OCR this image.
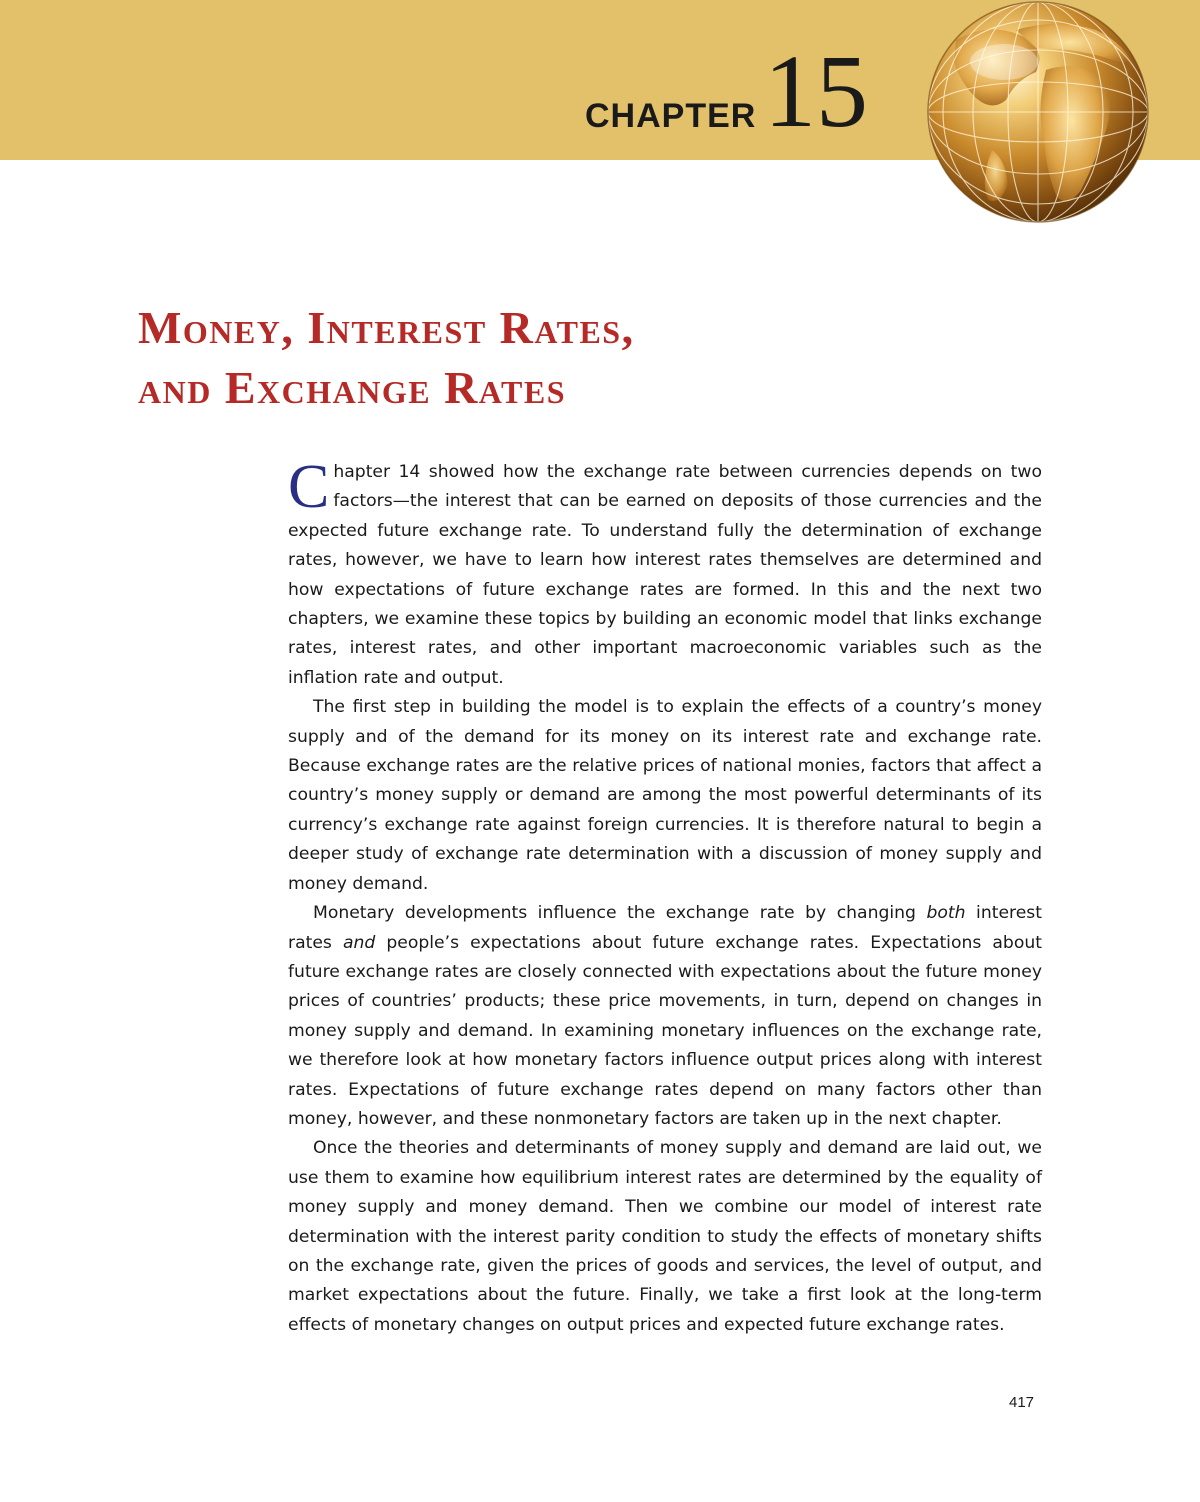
CHAPTER 15
Money, Interest Rates,
and Exchange Rates

Chapter 14 showed how the exchange rate between currencies depends on two factors—the interest that can be earned on deposits of those currencies and the expected future exchange rate. To understand fully the determination of exchange rates, however, we have to learn how interest rates themselves are determined and how expectations of future exchange rates are formed. In this and the next two chapters, we examine these topics by building an economic model that links exchange rates, interest rates, and other important macroeconomic variables such as the inflation rate and output.

The first step in building the model is to explain the effects of a country’s money supply and of the demand for its money on its interest rate and exchange rate. Because exchange rates are the relative prices of national monies, factors that affect a country’s money supply or demand are among the most powerful determinants of its currency’s exchange rate against foreign currencies. It is therefore natural to begin a deeper study of exchange rate determination with a discussion of money supply and money demand.

Monetary developments influence the exchange rate by changing both interest rates and people’s expectations about future exchange rates. Expectations about future exchange rates are closely connected with expectations about the future money prices of countries’ products; these price movements, in turn, depend on changes in money supply and demand. In examining monetary influences on the exchange rate, we therefore look at how monetary factors influence output prices along with interest rates. Expectations of future exchange rates depend on many factors other than money, however, and these nonmonetary factors are taken up in the next chapter.

Once the theories and determinants of money supply and demand are laid out, we use them to examine how equilibrium interest rates are determined by the equality of money supply and money demand. Then we combine our model of interest rate determination with the interest parity condition to study the effects of monetary shifts on the exchange rate, given the prices of goods and services, the level of output, and market expectations about the future. Finally, we take a first look at the long-term effects of monetary changes on output prices and expected future exchange rates.

417
